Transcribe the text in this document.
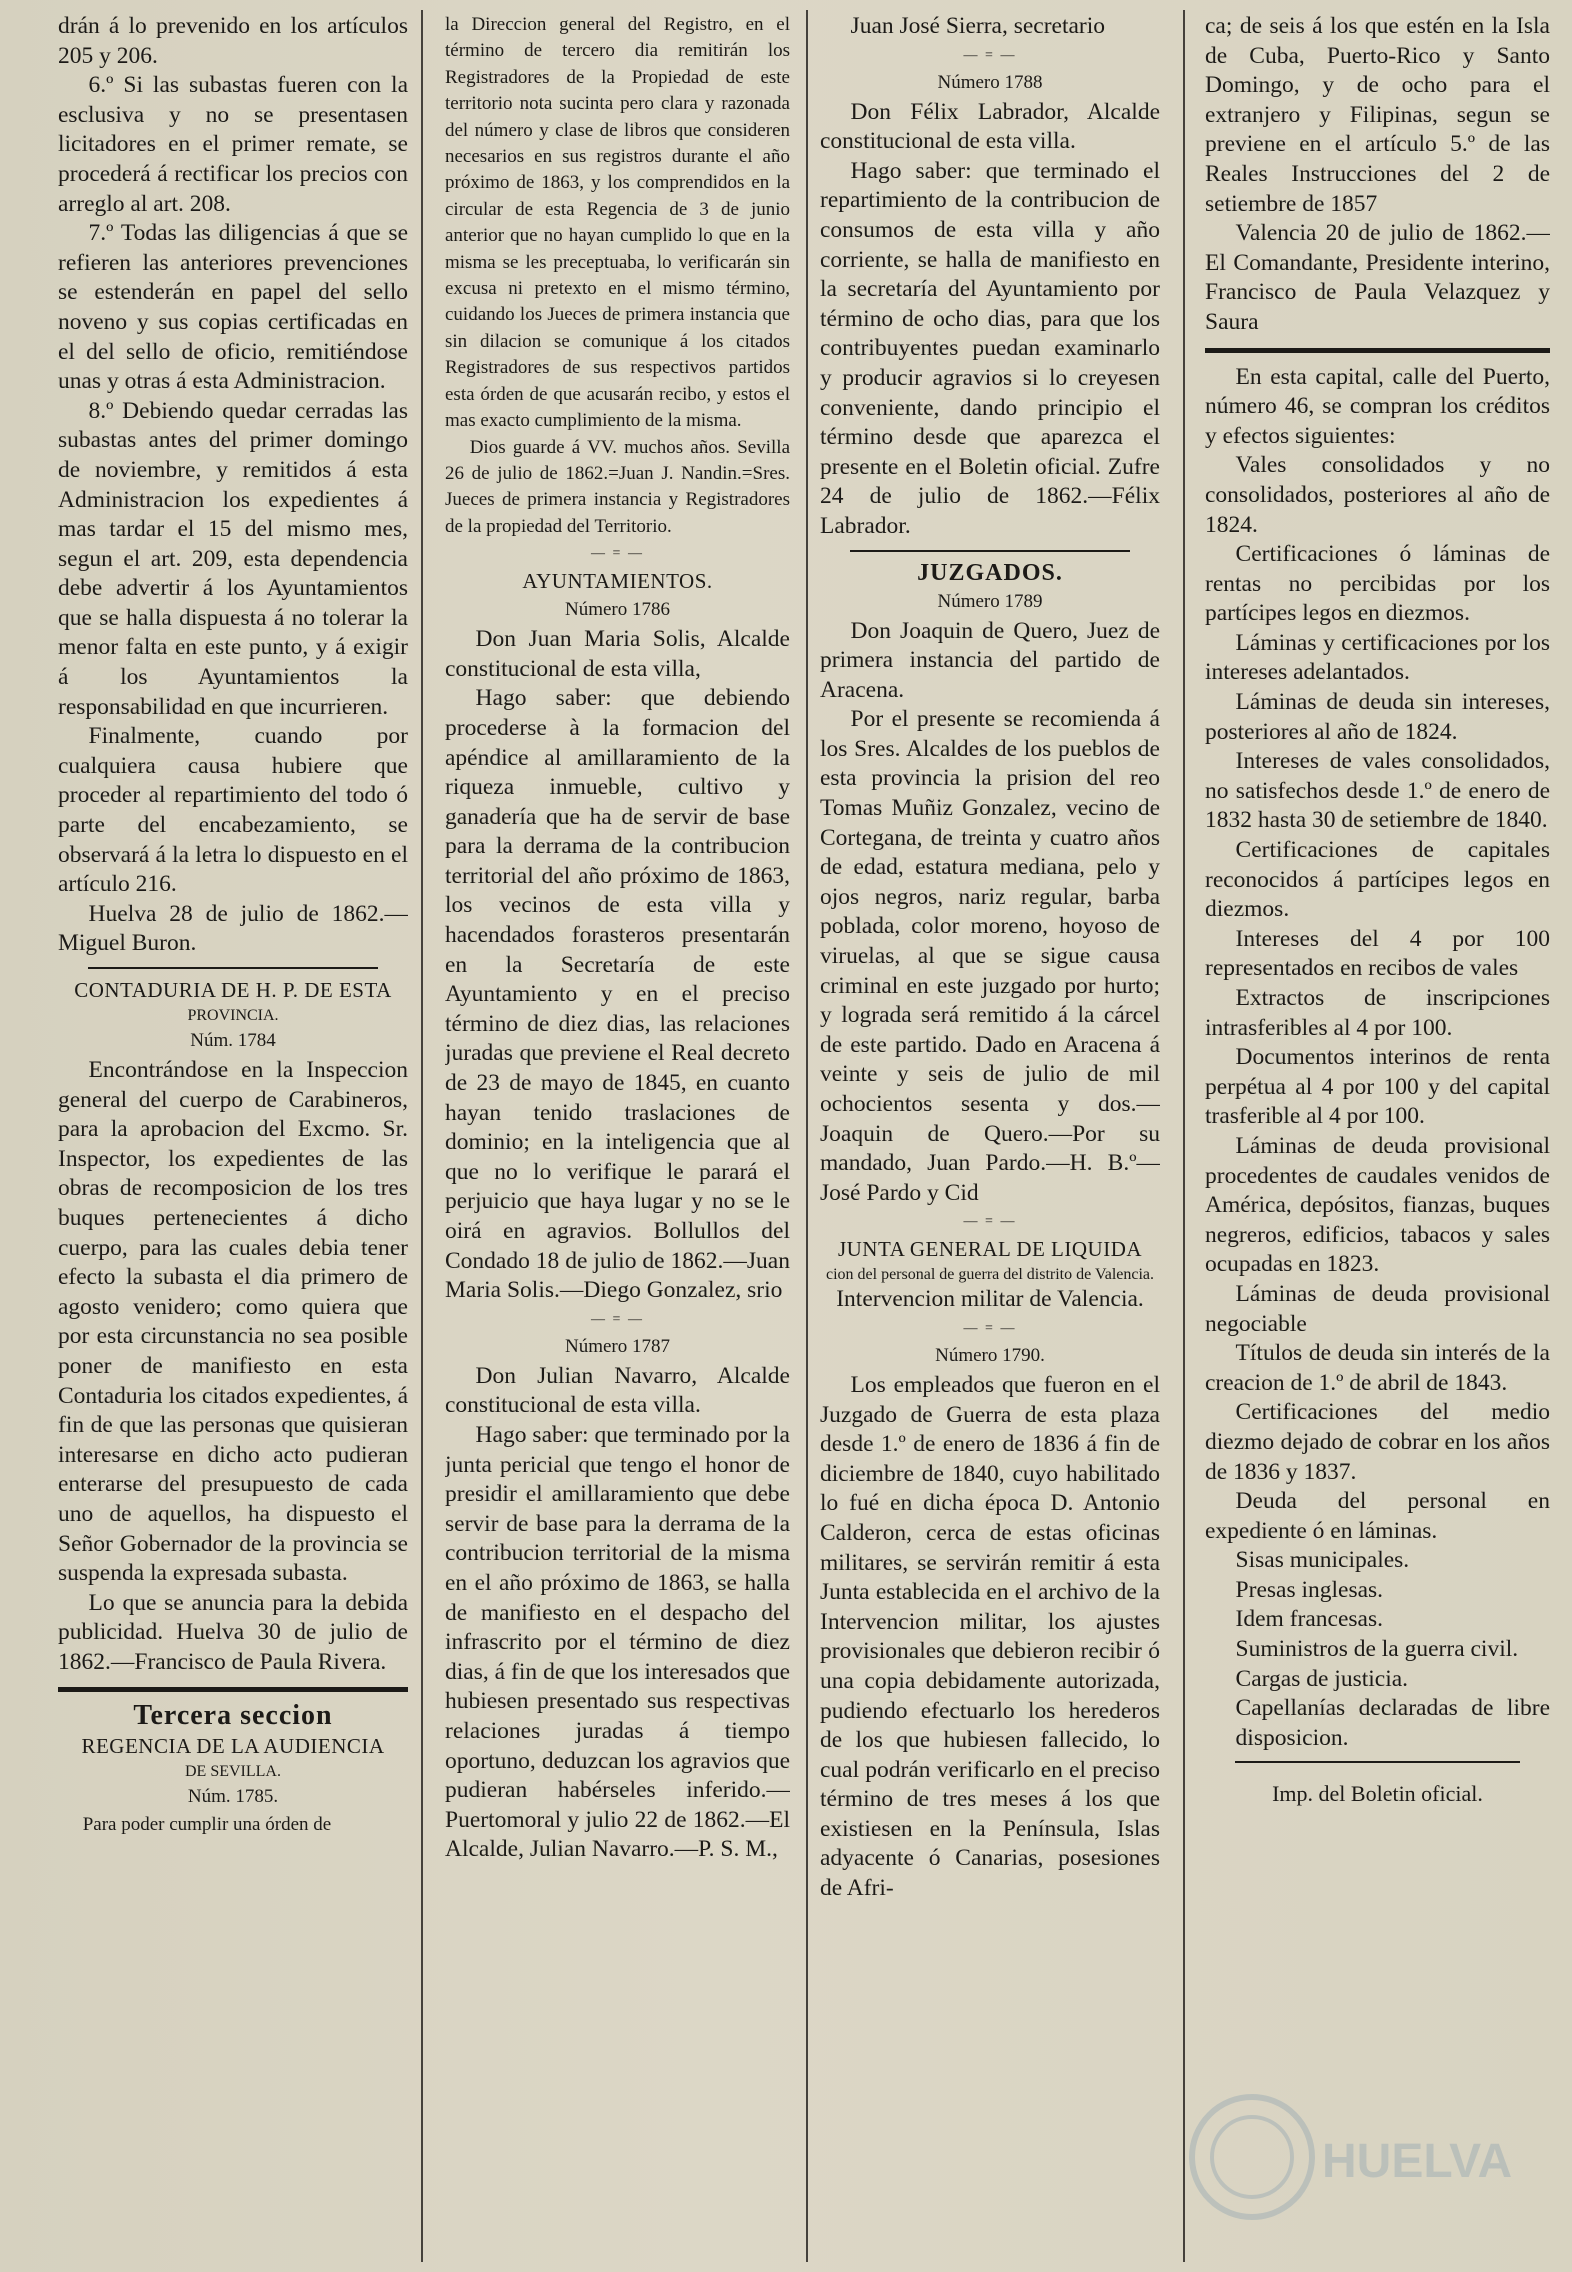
drán á lo prevenido en los artículos 205 y 206.

6.º Si las subastas fueren con la esclusiva y no se presentasen licitadores en el primer remate, se procederá á rectificar los precios con arreglo al art. 208.

7.º Todas las diligencias á que se refieren las anteriores prevenciones se estenderán en papel del sello noveno y sus copias certificadas en el del sello de oficio, remitiéndose unas y otras á esta Administracion.

8.º Debiendo quedar cerradas las subastas antes del primer domingo de noviembre, y remitidos á esta Administracion los expedientes á mas tardar el 15 del mismo mes, segun el art. 209, esta dependencia debe advertir á los Ayuntamientos que se halla dispuesta á no tolerar la menor falta en este punto, y á exigir á los Ayuntamientos la responsabilidad en que incurrieren.

Finalmente, cuando por cualquiera causa hubiere que proceder al repartimiento del todo ó parte del encabezamiento, se observará á la letra lo dispuesto en el artículo 216.

Huelva 28 de julio de 1862.—Miguel Buron.

CONTADURIA DE H. P. DE ESTA

PROVINCIA.

Núm. 1784

Encontrándose en la Inspeccion general del cuerpo de Carabineros, para la aprobacion del Excmo. Sr. Inspector, los expedientes de las obras de recomposicion de los tres buques pertenecientes á dicho cuerpo, para las cuales debia tener efecto la subasta el dia primero de agosto venidero; como quiera que por esta circunstancia no sea posible poner de manifiesto en esta Contaduria los citados expedientes, á fin de que las personas que quisieran interesarse en dicho acto pudieran enterarse del presupuesto de cada uno de aquellos, ha dispuesto el Señor Gobernador de la provincia se suspenda la expresada subasta.

Lo que se anuncia para la debida publicidad. Huelva 30 de julio de 1862.—Francisco de Paula Rivera.

Tercera seccion

REGENCIA DE LA AUDIENCIA

DE SEVILLA.

Núm. 1785.

Para poder cumplir una órden de

la Direccion general del Registro, en el término de tercero dia remitirán los Registradores de la Propiedad de este territorio nota sucinta pero clara y razonada del número y clase de libros que consideren necesarios en sus registros durante el año próximo de 1863, y los comprendidos en la circular de esta Regencia de 3 de junio anterior que no hayan cumplido lo que en la misma se les preceptuaba, lo verificarán sin excusa ni pretexto en el mismo término, cuidando los Jueces de primera instancia que sin dilacion se comunique á los citados Registradores de sus respectivos partidos esta órden de que acusarán recibo, y estos el mas exacto cumplimiento de la misma.

Dios guarde á VV. muchos años. Sevilla 26 de julio de 1862.=Juan J. Nandin.=Sres. Jueces de primera instancia y Registradores de la propiedad del Territorio.

— = —

AYUNTAMIENTOS.

Número 1786

Don Juan Maria Solis, Alcalde constitucional de esta villa,

Hago saber: que debiendo procederse à la formacion del apéndice al amillaramiento de la riqueza inmueble, cultivo y ganadería que ha de servir de base para la derrama de la contribucion territorial del año próximo de 1863, los vecinos de esta villa y hacendados forasteros presentarán en la Secretaría de este Ayuntamiento y en el preciso término de diez dias, las relaciones juradas que previene el Real decreto de 23 de mayo de 1845, en cuanto hayan tenido traslaciones de dominio; en la inteligencia que al que no lo verifique le parará el perjuicio que haya lugar y no se le oirá en agravios. Bollullos del Condado 18 de julio de 1862.—Juan Maria Solis.—Diego Gonzalez, srio

— = —

Número 1787

Don Julian Navarro, Alcalde constitucional de esta villa.

Hago saber: que terminado por la junta pericial que tengo el honor de presidir el amillaramiento que debe servir de base para la derrama de la contribucion territorial de la misma en el año próximo de 1863, se halla de manifiesto en el despacho del infrascrito por el término de diez dias, á fin de que los interesados que hubiesen presentado sus respectivas relaciones juradas á tiempo oportuno, deduzcan los agravios que pudieran habérseles inferido.—Puertomoral y julio 22 de 1862.—El Alcalde, Julian Navarro.—P. S. M.,

Juan José Sierra, secretario

— = —

Número 1788

Don Félix Labrador, Alcalde constitucional de esta villa.

Hago saber: que terminado el repartimiento de la contribucion de consumos de esta villa y año corriente, se halla de manifiesto en la secretaría del Ayuntamiento por término de ocho dias, para que los contribuyentes puedan examinarlo y producir agravios si lo creyesen conveniente, dando principio el término desde que aparezca el presente en el Boletin oficial. Zufre 24 de julio de 1862.—Félix Labrador.

JUZGADOS.

Número 1789

Don Joaquin de Quero, Juez de primera instancia del partido de Aracena.

Por el presente se recomienda á los Sres. Alcaldes de los pueblos de esta provincia la prision del reo Tomas Muñiz Gonzalez, vecino de Cortegana, de treinta y cuatro años de edad, estatura mediana, pelo y ojos negros, nariz regular, barba poblada, color moreno, hoyoso de viruelas, al que se sigue causa criminal en este juzgado por hurto; y lograda será remitido á la cárcel de este partido. Dado en Aracena á veinte y seis de julio de mil ochocientos sesenta y dos.—Joaquin de Quero.—Por su mandado, Juan Pardo.—H. B.º—José Pardo y Cid

— = —

JUNTA GENERAL DE LIQUIDA

cion del personal de guerra del distrito de Valencia.

Intervencion militar de Valencia.

— = —

Número 1790.

Los empleados que fueron en el Juzgado de Guerra de esta plaza desde 1.º de enero de 1836 á fin de diciembre de 1840, cuyo habilitado lo fué en dicha época D. Antonio Calderon, cerca de estas oficinas militares, se servirán remitir á esta Junta establecida en el archivo de la Intervencion militar, los ajustes provisionales que debieron recibir ó una copia debidamente autorizada, pudiendo efectuarlo los herederos de los que hubiesen fallecido, lo cual podrán verificarlo en el preciso término de tres meses á los que existiesen en la Península, Islas adyacente ó Canarias, posesiones de Afri-

ca; de seis á los que estén en la Isla de Cuba, Puerto-Rico y Santo Domingo, y de ocho para el extranjero y Filipinas, segun se previene en el artículo 5.º de las Reales Instrucciones del 2 de setiembre de 1857

Valencia 20 de julio de 1862.—El Comandante, Presidente interino, Francisco de Paula Velazquez y Saura

En esta capital, calle del Puerto, número 46, se compran los créditos y efectos siguientes:

Vales consolidados y no consolidados, posteriores al año de 1824.

Certificaciones ó láminas de rentas no percibidas por los partícipes legos en diezmos.

Láminas y certificaciones por los intereses adelantados.

Láminas de deuda sin intereses, posteriores al año de 1824.

Intereses de vales consolidados, no satisfechos desde 1.º de enero de 1832 hasta 30 de setiembre de 1840.

Certificaciones de capitales reconocidos á partícipes legos en diezmos.

Intereses del 4 por 100 representados en recibos de vales

Extractos de inscripciones intrasferibles al 4 por 100.

Documentos interinos de renta perpétua al 4 por 100 y del capital trasferible al 4 por 100.

Láminas de deuda provisional procedentes de caudales venidos de América, depósitos, fianzas, buques negreros, edificios, tabacos y sales ocupadas en 1823.

Láminas de deuda provisional negociable

Títulos de deuda sin interés de la creacion de 1.º de abril de 1843.

Certificaciones del medio diezmo dejado de cobrar en los años de 1836 y 1837.

Deuda del personal en expediente ó en láminas.

Sisas municipales.

Presas inglesas.

Idem francesas.

Suministros de la guerra civil.

Cargas de justicia.

Capellanías declaradas de libre disposicion.

Imp. del Boletin oficial.

HUELVA
